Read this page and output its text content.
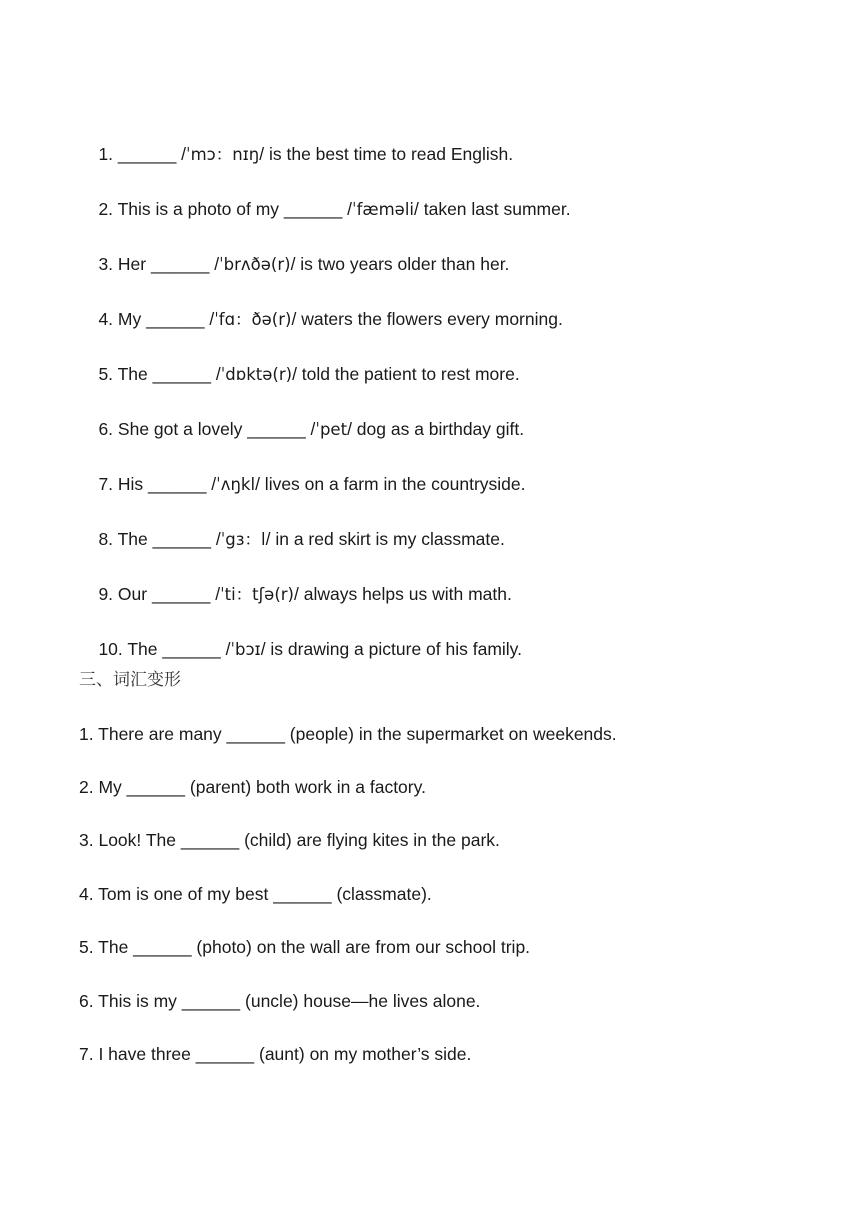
1. ______ /ˈmɔ：nɪŋ/ is the best time to read English.

2. This is a photo of my ______ /ˈfæməli/ taken last summer.

3. Her ______ /ˈbrʌðə(r)/ is two years older than her.

4. My ______ /ˈfɑ：ðə(r)/ waters the flowers every morning.

5. The ______ /ˈdɒktə(r)/ told the patient to rest more.

6. She got a lovely ______ /ˈpet/ dog as a birthday gift.

7. His ______ /ˈʌŋkl/ lives on a farm in the countryside.

8. The ______ /ˈgɜ：l/ in a red skirt is my classmate.

9. Our ______ /ˈti：tʃə(r)/ always helps us with math.

10. The ______ /ˈbɔɪ/ is drawing a picture of his family.

三、词汇变形
1. There are many ______ (people) in the supermarket on weekends.
2. My ______ (parent) both work in a factory.
3. Look! The ______ (child) are flying kites in the park.
4. Tom is one of my best ______ (classmate).
5. The ______ (photo) on the wall are from our school trip.
6. This is my ______ (uncle) house—he lives alone.
7. I have three ______ (aunt) on my mother’s side.
